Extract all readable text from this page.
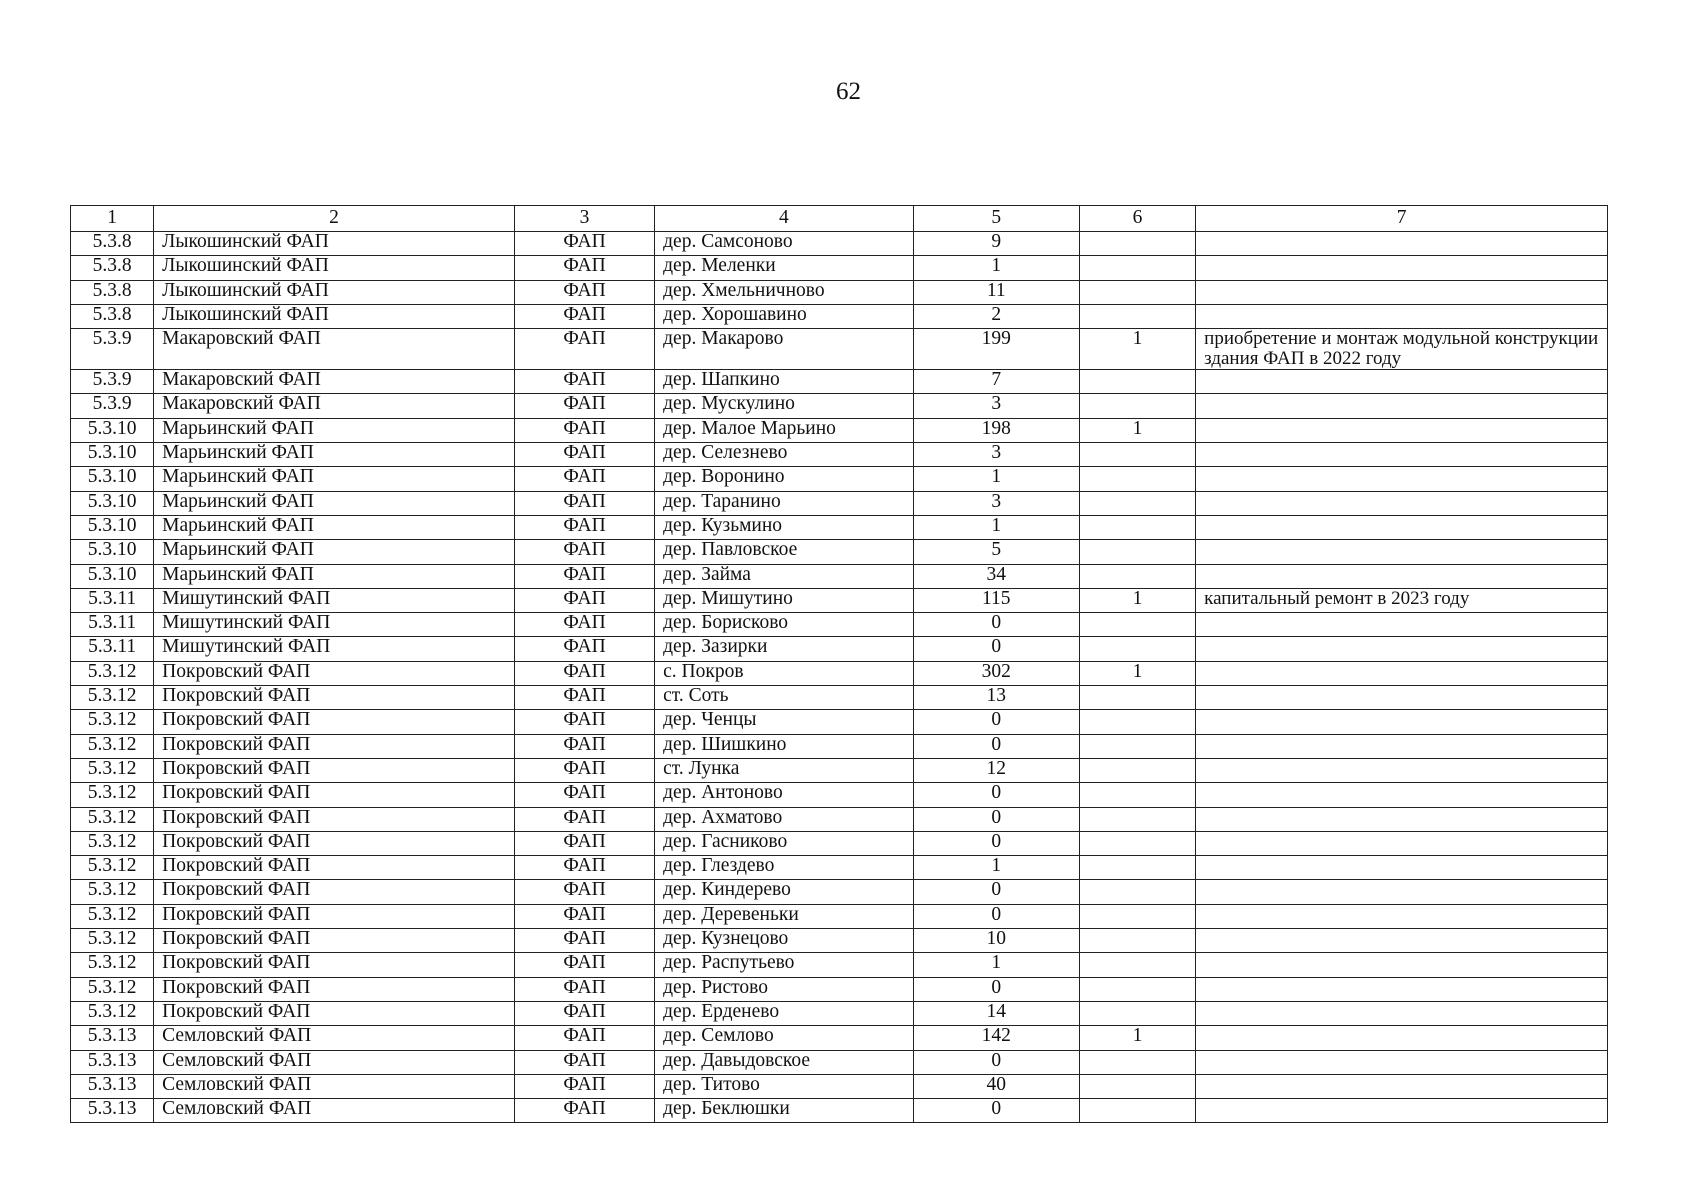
62
1	2	3	4	5	6	7
5.3.8	Лыкошинский ФАП	ФАП	дер. Самсоново	9		
5.3.8	Лыкошинский ФАП	ФАП	дер. Меленки	1		
5.3.8	Лыкошинский ФАП	ФАП	дер. Хмельничново	11		
5.3.8	Лыкошинский ФАП	ФАП	дер. Хорошавино	2		
5.3.9	Макаровский ФАП	ФАП	дер. Макарово	199	1	приобретение и монтаж модульной конструкции здания ФАП в 2022 году
5.3.9	Макаровский ФАП	ФАП	дер. Шапкино	7		
5.3.9	Макаровский ФАП	ФАП	дер. Мускулино	3		
5.3.10	Марьинский ФАП	ФАП	дер. Малое Марьино	198	1	
5.3.10	Марьинский ФАП	ФАП	дер. Селезнево	3		
5.3.10	Марьинский ФАП	ФАП	дер. Воронино	1		
5.3.10	Марьинский ФАП	ФАП	дер. Таранино	3		
5.3.10	Марьинский ФАП	ФАП	дер. Кузьмино	1		
5.3.10	Марьинский ФАП	ФАП	дер. Павловское	5		
5.3.10	Марьинский ФАП	ФАП	дер. Займа	34		
5.3.11	Мишутинский ФАП	ФАП	дер. Мишутино	115	1	капитальный ремонт в 2023 году
5.3.11	Мишутинский ФАП	ФАП	дер. Борисково	0		
5.3.11	Мишутинский ФАП	ФАП	дер. Зазирки	0		
5.3.12	Покровский ФАП	ФАП	с. Покров	302	1	
5.3.12	Покровский ФАП	ФАП	ст. Соть	13		
5.3.12	Покровский ФАП	ФАП	дер. Ченцы	0		
5.3.12	Покровский ФАП	ФАП	дер. Шишкино	0		
5.3.12	Покровский ФАП	ФАП	ст. Лунка	12		
5.3.12	Покровский ФАП	ФАП	дер. Антоново	0		
5.3.12	Покровский ФАП	ФАП	дер. Ахматово	0		
5.3.12	Покровский ФАП	ФАП	дер. Гасниково	0		
5.3.12	Покровский ФАП	ФАП	дер. Глездево	1		
5.3.12	Покровский ФАП	ФАП	дер. Киндерево	0		
5.3.12	Покровский ФАП	ФАП	дер. Деревеньки	0		
5.3.12	Покровский ФАП	ФАП	дер. Кузнецово	10		
5.3.12	Покровский ФАП	ФАП	дер. Распутьево	1		
5.3.12	Покровский ФАП	ФАП	дер. Ристово	0		
5.3.12	Покровский ФАП	ФАП	дер. Ерденево	14		
5.3.13	Семловский ФАП	ФАП	дер. Семлово	142	1	
5.3.13	Семловский ФАП	ФАП	дер. Давыдовское	0		
5.3.13	Семловский ФАП	ФАП	дер. Титово	40		
5.3.13	Семловский ФАП	ФАП	дер. Беклюшки	0		
